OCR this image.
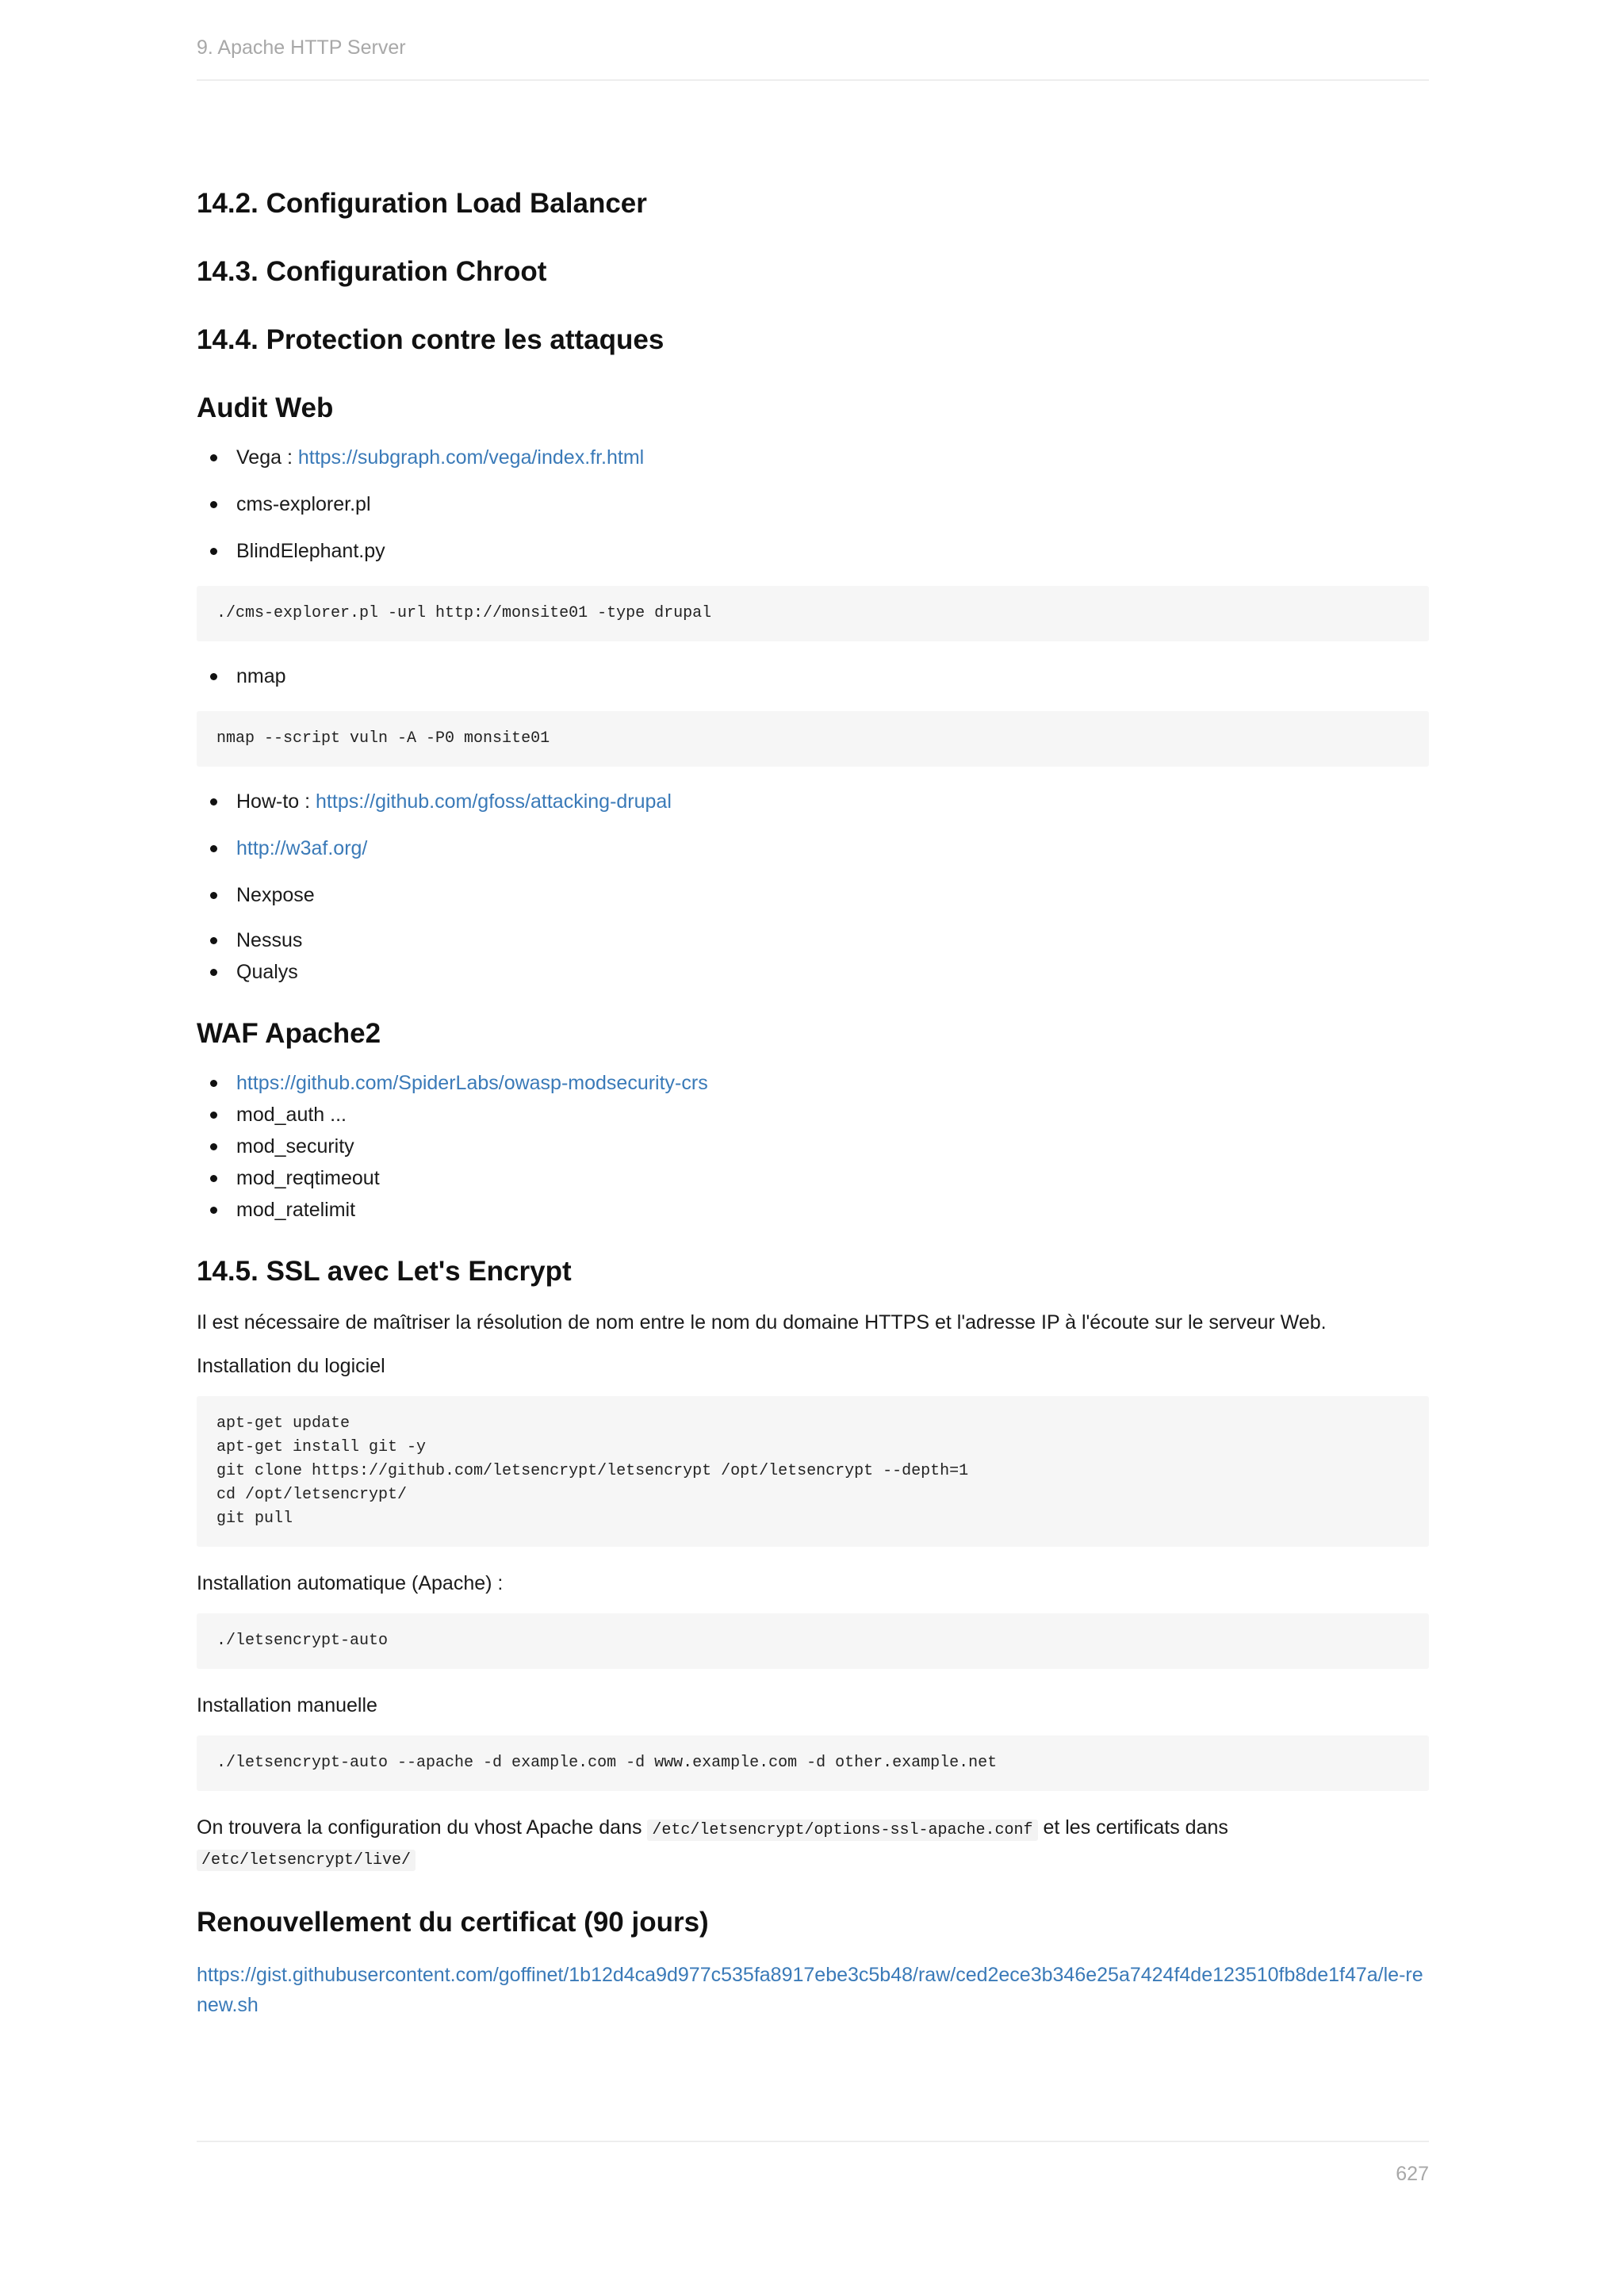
9. Apache HTTP Server
14.2. Configuration Load Balancer
14.3. Configuration Chroot
14.4. Protection contre les attaques
Audit Web
Vega : https://subgraph.com/vega/index.fr.html
cms-explorer.pl
BlindElephant.py
./cms-explorer.pl -url http://monsite01 -type drupal
nmap
nmap --script vuln -A -P0 monsite01
How-to : https://github.com/gfoss/attacking-drupal
http://w3af.org/
Nexpose
Nessus
Qualys
WAF Apache2
https://github.com/SpiderLabs/owasp-modsecurity-crs
mod_auth ...
mod_security
mod_reqtimeout
mod_ratelimit
14.5. SSL avec Let's Encrypt

Il est nécessaire de maîtriser la résolution de nom entre le nom du domaine HTTPS et l'adresse IP à l'écoute sur le serveur Web.

Installation du logiciel

apt-get update
apt-get install git -y
git clone https://github.com/letsencrypt/letsencrypt /opt/letsencrypt --depth=1
cd /opt/letsencrypt/
git pull

Installation automatique (Apache) :

./letsencrypt-auto

Installation manuelle

./letsencrypt-auto --apache -d example.com -d www.example.com -d other.example.net

On trouvera la configuration du vhost Apache dans /etc/letsencrypt/options-ssl-apache.conf et les certificats dans
/etc/letsencrypt/live/

Renouvellement du certificat (90 jours)

https://gist.githubusercontent.com/goffinet/1b12d4ca9d977c535fa8917ebe3c5b48/raw/ced2ece3b346e25a7424f4de123510fb8de1f47a/le-renew.sh

627
